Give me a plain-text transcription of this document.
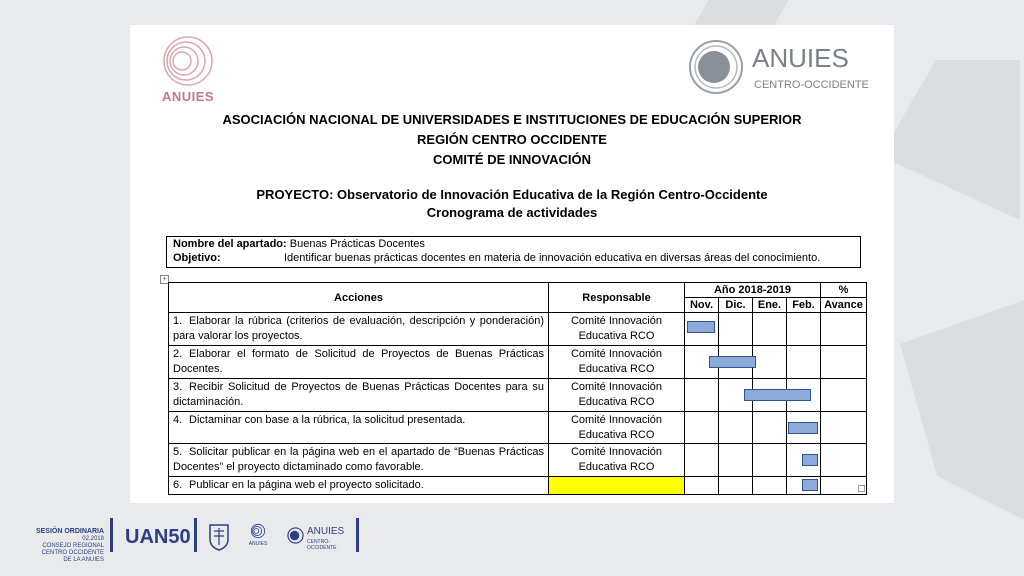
ANUIES
ANUIES
CENTRO-OCCIDENTE
ASOCIACIÓN NACIONAL DE UNIVERSIDADES E INSTITUCIONES DE EDUCACIÓN SUPERIOR
REGIÓN CENTRO OCCIDENTE
COMITÉ DE INNOVACIÓN
PROYECTO: Observatorio de Innovación Educativa de la Región Centro-Occidente
Cronograma de actividades
Nombre del apartado: Buenas Prácticas Docentes
Objetivo:	Identificar buenas prácticas docentes en materia de innovación educativa en diversas áreas del conocimiento.
+
Acciones	Responsable	Año 2018-2019				%
		Nov.	Dic.	Ene.	Feb.	Avance
1. Elaborar la rúbrica (criterios de evaluación, descripción y ponderación) para valorar los proyectos.	Comité Innovación
Educativa RCO					

2. Elaborar el formato de Solicitud de Proyectos de Buenas Prácticas Docentes.	Comité Innovación
Educativa RCO					

3. Recibir Solicitud de Proyectos de Buenas Prácticas Docentes para su dictaminación.	Comité Innovación
Educativa RCO					

4. Dictaminar con base a la rúbrica, la solicitud presentada.	Comité Innovación
Educativa RCO					

5. Solicitar publicar en la página web en el apartado de “Buenas Prácticas Docentes” el proyecto dictaminado como favorable.	Comité Innovación
Educativa RCO					

6. Publicar en la página web el proyecto solicitado.					

SESIÓN ORDINARIA
02.2018
CONSEJO REGIONAL CENTRO OCCIDENTE
DE LA ANUIES
UAN50	ANUIES
ANUIES
CENTRO-OCCIDENTE
